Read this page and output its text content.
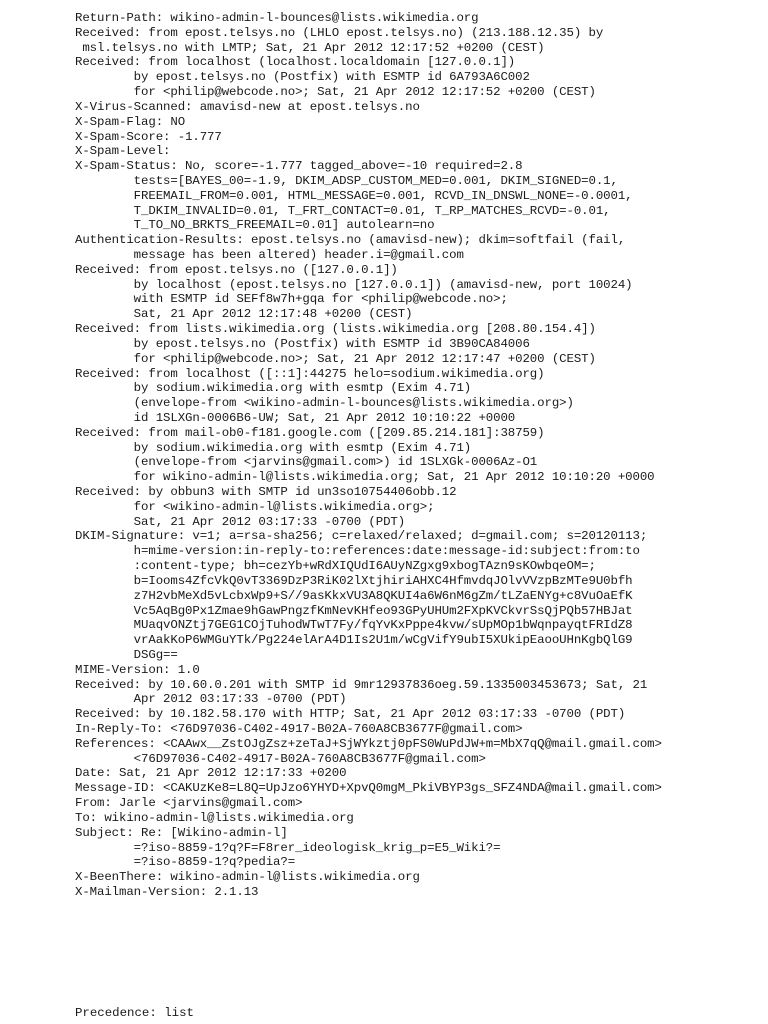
Return-Path: wikino-admin-l-bounces@lists.wikimedia.org
Received: from epost.telsys.no (LHLO epost.telsys.no) (213.188.12.35) by
msl.telsys.no with LMTP; Sat, 21 Apr 2012 12:17:52 +0200 (CEST)
Received: from localhost (localhost.localdomain [127.0.0.1])
by epost.telsys.no (Postfix) with ESMTP id 6A793A6C002
for <philip@webcode.no>; Sat, 21 Apr 2012 12:17:52 +0200 (CEST)
X-Virus-Scanned: amavisd-new at epost.telsys.no
X-Spam-Flag: NO
X-Spam-Score: -1.777
X-Spam-Level:
X-Spam-Status: No, score=-1.777 tagged_above=-10 required=2.8
tests=[BAYES_00=-1.9, DKIM_ADSP_CUSTOM_MED=0.001, DKIM_SIGNED=0.1,
FREEMAIL_FROM=0.001, HTML_MESSAGE=0.001, RCVD_IN_DNSWL_NONE=-0.0001,
T_DKIM_INVALID=0.01, T_FRT_CONTACT=0.01, T_RP_MATCHES_RCVD=-0.01,
T_TO_NO_BRKTS_FREEMAIL=0.01] autolearn=no
Authentication-Results: epost.telsys.no (amavisd-new); dkim=softfail (fail,
message has been altered) header.i=@gmail.com
Received: from epost.telsys.no ([127.0.0.1])
by localhost (epost.telsys.no [127.0.0.1]) (amavisd-new, port 10024)
with ESMTP id SEFf8w7h+gqa for <philip@webcode.no>;
Sat, 21 Apr 2012 12:17:48 +0200 (CEST)
Received: from lists.wikimedia.org (lists.wikimedia.org [208.80.154.4])
by epost.telsys.no (Postfix) with ESMTP id 3B90CA84006
for <philip@webcode.no>; Sat, 21 Apr 2012 12:17:47 +0200 (CEST)
Received: from localhost ([::1]:44275 helo=sodium.wikimedia.org)
by sodium.wikimedia.org with esmtp (Exim 4.71)
(envelope-from <wikino-admin-l-bounces@lists.wikimedia.org>)
id 1SLXGn-0006B6-UW; Sat, 21 Apr 2012 10:10:22 +0000
Received: from mail-ob0-f181.google.com ([209.85.214.181]:38759)
by sodium.wikimedia.org with esmtp (Exim 4.71)
(envelope-from <jarvins@gmail.com>) id 1SLXGk-0006Az-O1
for wikino-admin-l@lists.wikimedia.org; Sat, 21 Apr 2012 10:10:20 +0000
Received: by obbun3 with SMTP id un3so10754406obb.12
for <wikino-admin-l@lists.wikimedia.org>;
Sat, 21 Apr 2012 03:17:33 -0700 (PDT)
DKIM-Signature: v=1; a=rsa-sha256; c=relaxed/relaxed; d=gmail.com; s=20120113;
h=mime-version:in-reply-to:references:date:message-id:subject:from:to
:content-type; bh=cezYb+wRdXIQUdI6AUyNZgxg9xbogTAzn9sKOwbqeOM=;
b=Iooms4ZfcVkQ0vT3369DzP3RiK02lXtjhiriAHXC4HfmvdqJOlvVVzpBzMTe9U0bfh
z7H2vbMeXd5vLcbxWp9+S//9asKkxVU3A8QKUI4a6W6nM6gZm/tLZaENYg+c8VuOaEfK
Vc5AqBg0Px1Zmae9hGawPngzfKmNevKHfeo93GPyUHUm2FXpKVCkvrSsQjPQb57HBJat
MUaqvONZtj7GEG1COjTuhodWTwT7Fy/fqYvKxPppe4kvw/sUpMOp1bWqnpayqtFRIdZ8
vrAakKoP6WMGuYTk/Pg224elArA4D1Is2U1m/wCgVifY9ubI5XUkipEaooUHnKgbQlG9
DSGg==
MIME-Version: 1.0
Received: by 10.60.0.201 with SMTP id 9mr12937836oeg.59.1335003453673; Sat, 21
Apr 2012 03:17:33 -0700 (PDT)
Received: by 10.182.58.170 with HTTP; Sat, 21 Apr 2012 03:17:33 -0700 (PDT)
In-Reply-To: <76D97036-C402-4917-B02A-760A8CB3677F@gmail.com>
References: <CAAwx__ZstOJgZsz+zeTaJ+SjWYkztj0pFS0WuPdJW+m=MbX7qQ@mail.gmail.com>
<76D97036-C402-4917-B02A-760A8CB3677F@gmail.com>
Date: Sat, 21 Apr 2012 12:17:33 +0200
Message-ID: <CAKUzKe8=L8Q=UpJzo6YHYD+XpvQ0mgM_PkiVBYP3gs_SFZ4NDA@mail.gmail.com>
From: Jarle <jarvins@gmail.com>
To: wikino-admin-l@lists.wikimedia.org
Subject: Re: [Wikino-admin-l]
=?iso-8859-1?q?F=F8rer_ideologisk_krig_p=E5_Wiki?=
=?iso-8859-1?q?pedia?=
X-BeenThere: wikino-admin-l@lists.wikimedia.org
X-Mailman-Version: 2.1.13
Precedence: list
